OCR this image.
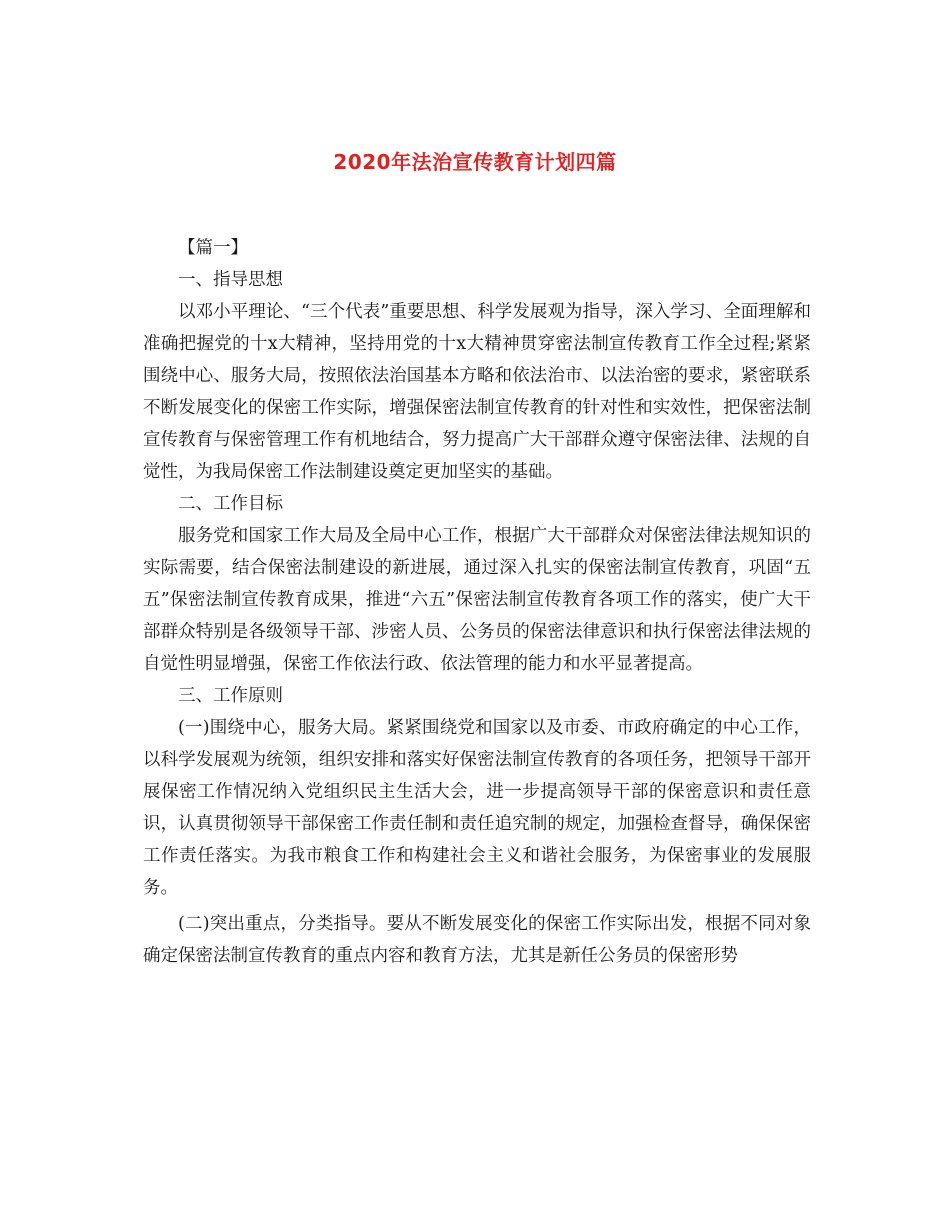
2020年法治宣传教育计划四篇

【篇一】

一、指导思想

以邓小平理论、“三个代表”重要思想、科学发展观为指导，深入学习、全面理解和准确把握党的十x大精神，坚持用党的十x大精神贯穿密法制宣传教育工作全过程;紧紧围绕中心、服务大局，按照依法治国基本方略和依法治市、以法治密的要求，紧密联系不断发展变化的保密工作实际，增强保密法制宣传教育的针对性和实效性，把保密法制宣传教育与保密管理工作有机地结合，努力提高广大干部群众遵守保密法律、法规的自觉性，为我局保密工作法制建设奠定更加坚实的基础。

二、工作目标

服务党和国家工作大局及全局中心工作，根据广大干部群众对保密法律法规知识的实际需要，结合保密法制建设的新进展，通过深入扎实的保密法制宣传教育，巩固“五五”保密法制宣传教育成果，推进“六五”保密法制宣传教育各项工作的落实，使广大干部群众特别是各级领导干部、涉密人员、公务员的保密法律意识和执行保密法律法规的自觉性明显增强，保密工作依法行政、依法管理的能力和水平显著提高。

三、工作原则

(一)围绕中心，服务大局。紧紧围绕党和国家以及市委、市政府确定的中心工作，以科学发展观为统领，组织安排和落实好保密法制宣传教育的各项任务，把领导干部开展保密工作情况纳入党组织民主生活大会，进一步提高领导干部的保密意识和责任意识，认真贯彻领导干部保密工作责任制和责任追究制的规定，加强检查督导，确保保密工作责任落实。为我市粮食工作和构建社会主义和谐社会服务，为保密事业的发展服务。

(二)突出重点，分类指导。要从不断发展变化的保密工作实际出发，根据不同对象确定保密法制宣传教育的重点内容和教育方法，尤其是新任公务员的保密形势
